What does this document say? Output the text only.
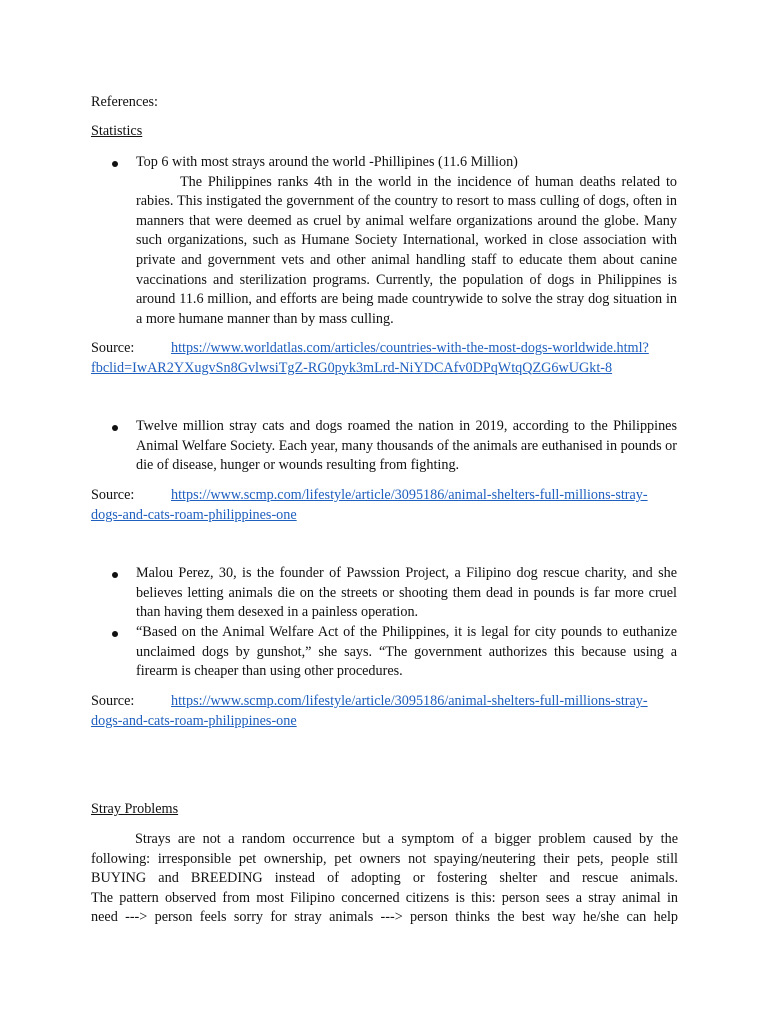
References:
Statistics

Top 6 with most strays around the world -Phillipines (11.6 Million)

The Philippines ranks 4th in the world in the incidence of human deaths related to rabies. This instigated the government of the country to resort to mass culling of dogs, often in manners that were deemed as cruel by animal welfare organizations around the globe. Many such organizations, such as Humane Society International, worked in close association with private and government vets and other animal handling staff to educate them about canine vaccinations and sterilization programs. Currently, the population of dogs in Philippines is around 11.6 million, and efforts are being made countrywide to solve the stray dog situation in a more humane manner than by mass culling.

Source:	https://www.worldatlas.com/articles/countries-with-the-most-dogs-worldwide.html?
fbclid=IwAR2YXugvSn8GvlwsiTgZ-RG0pyk3mLrd-NiYDCAfv0DPqWtqQZG6wUGkt-8

Twelve million stray cats and dogs roamed the nation in 2019, according to the Philippines Animal Welfare Society. Each year, many thousands of the animals are euthanised in pounds or die of disease, hunger or wounds resulting from fighting.

Source:	https://www.scmp.com/lifestyle/article/3095186/animal-shelters-full-millions-stray-
dogs-and-cats-roam-philippines-one

Malou Perez, 30, is the founder of Pawssion Project, a Filipino dog rescue charity, and she believes letting animals die on the streets or shooting them dead in pounds is far more cruel than having them desexed in a painless operation.

“Based on the Animal Welfare Act of the Philippines, it is legal for city pounds to euthanize unclaimed dogs by gunshot,” she says. “The government authorizes this because using a firearm is cheaper than using other procedures.

Source:	https://www.scmp.com/lifestyle/article/3095186/animal-shelters-full-millions-stray-
dogs-and-cats-roam-philippines-one
Stray Problems
Strays are not a random occurrence but a symptom of a bigger problem caused by the
following: irresponsible pet ownership, pet owners not spaying/neutering their pets, people still
BUYING and BREEDING instead of adopting or fostering shelter and rescue animals.
The pattern observed from most Filipino concerned citizens is this: person sees a stray animal in
need ---> person feels sorry for stray animals ---> person thinks the best way he/she can help
